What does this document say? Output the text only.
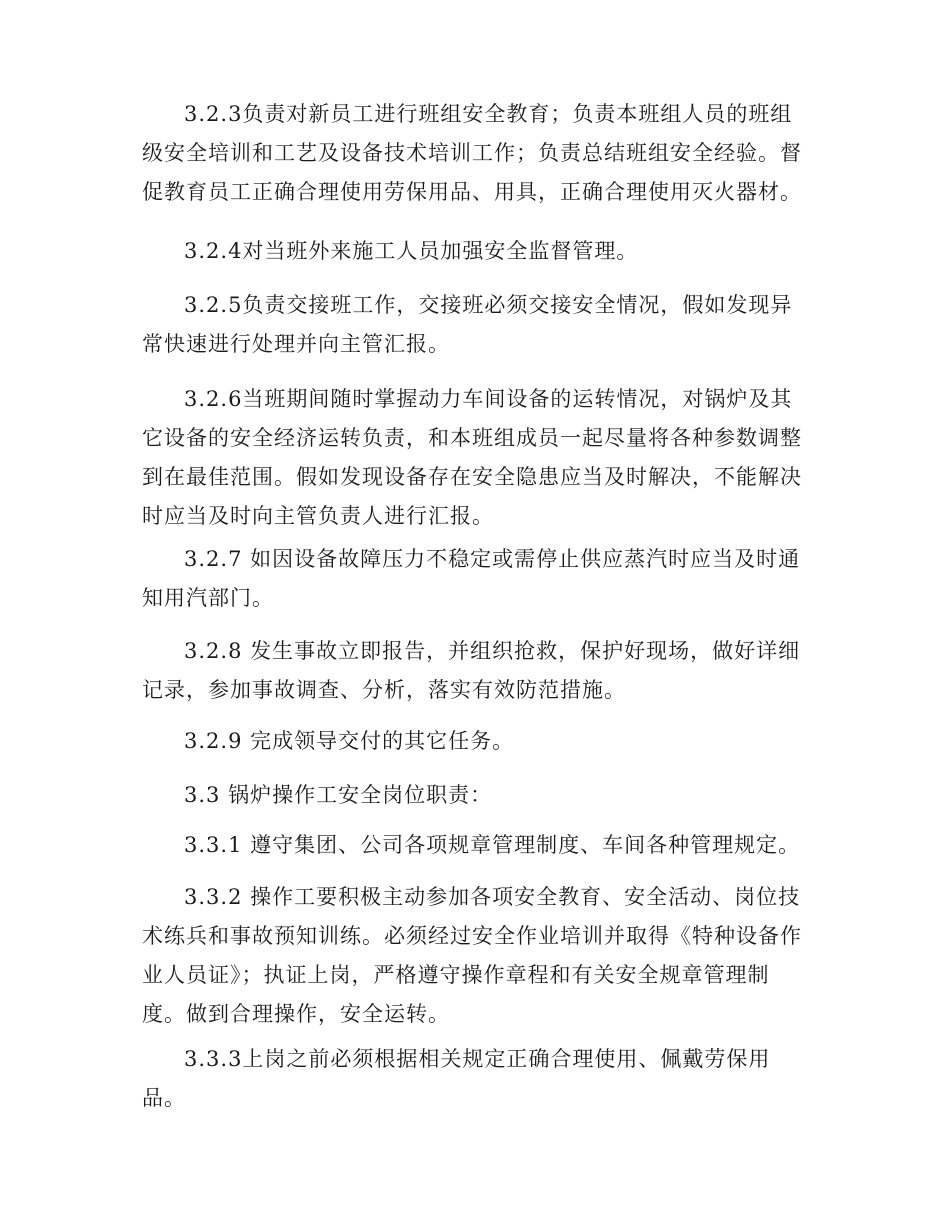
3.2.3负责对新员工进行班组安全教育；负责本班组人员的班组级安全培训和工艺及设备技术培训工作；负责总结班组安全经验。督促教育员工正确合理使用劳保用品、用具，正确合理使用灭火器材。

3.2.4对当班外来施工人员加强安全监督管理。

3.2.5负责交接班工作，交接班必须交接安全情况，假如发现异常快速进行处理并向主管汇报。

3.2.6当班期间随时掌握动力车间设备的运转情况，对锅炉及其它设备的安全经济运转负责，和本班组成员一起尽量将各种参数调整到在最佳范围。假如发现设备存在安全隐患应当及时解决，不能解决时应当及时向主管负责人进行汇报。

3.2.7 如因设备故障压力不稳定或需停止供应蒸汽时应当及时通知用汽部门。

3.2.8 发生事故立即报告，并组织抢救，保护好现场，做好详细记录，参加事故调查、分析，落实有效防范措施。

3.2.9 完成领导交付的其它任务。

3.3 锅炉操作工安全岗位职责：

3.3.1 遵守集团、公司各项规章管理制度、车间各种管理规定。

3.3.2 操作工要积极主动参加各项安全教育、安全活动、岗位技术练兵和事故预知训练。必须经过安全作业培训并取得《特种设备作业人员证》；执证上岗，严格遵守操作章程和有关安全规章管理制度。做到合理操作，安全运转。

3.3.3上岗之前必须根据相关规定正确合理使用、佩戴劳保用品。
